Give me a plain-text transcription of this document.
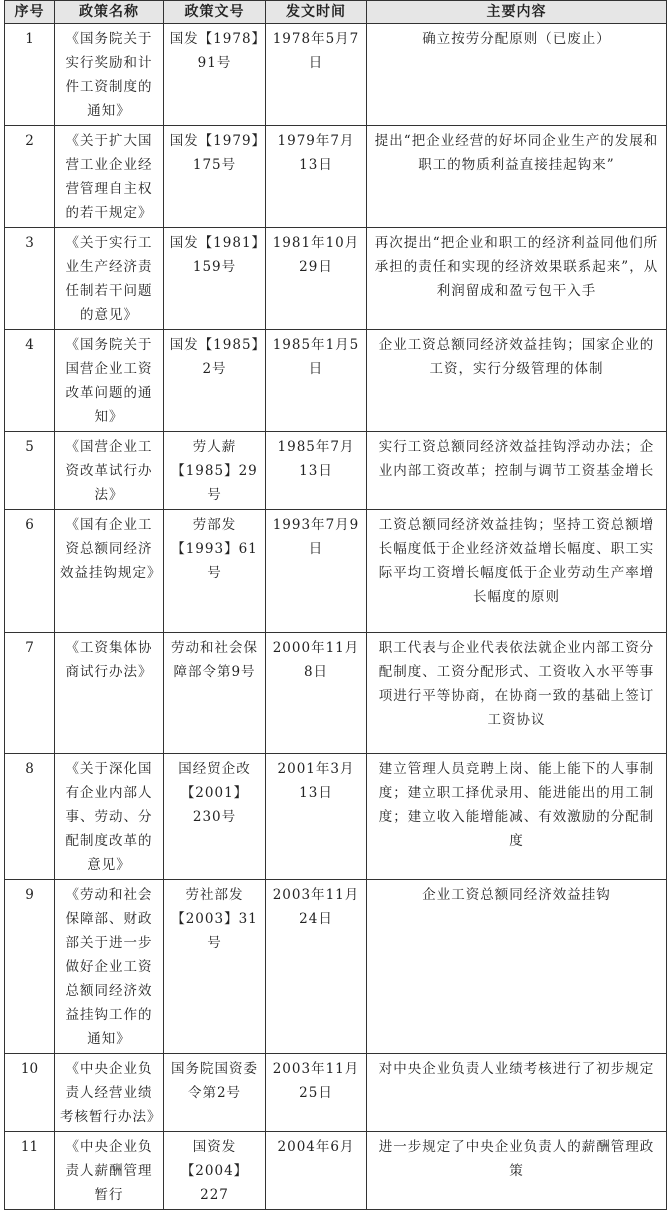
序号	政策名称	政策文号	发文时间	主要内容
1	《国务院关于实行奖励和计件工资制度的通知》	国发【1978】91号	1978年5月7日	确立按劳分配原则（已废止）
2	《关于扩大国营工业企业经营管理自主权的若干规定》	国发【1979】175号	1979年7月13日	提出“把企业经营的好坏同企业生产的发展和职工的物质利益直接挂起钩来”
3	《关于实行工业生产经济责任制若干问题的意见》	国发【1981】159号	1981年10月29日	再次提出“把企业和职工的经济利益同他们所承担的责任和实现的经济效果联系起来”，从利润留成和盈亏包干入手
4	《国务院关于国营企业工资改革问题的通知》	国发【1985】2号	1985年1月5日	企业工资总额同经济效益挂钩；国家企业的工资，实行分级管理的体制
5	《国营企业工资改革试行办法》	劳人薪【1985】29号	1985年7月13日	实行工资总额同经济效益挂钩浮动办法；企业内部工资改革；控制与调节工资基金增长
6	《国有企业工资总额同经济效益挂钩规定》	劳部发【1993】61号	1993年7月9日	工资总额同经济效益挂钩；坚持工资总额增长幅度低于企业经济效益增长幅度、职工实际平均工资增长幅度低于企业劳动生产率增长幅度的原则
7	《工资集体协商试行办法》	劳动和社会保障部令第9号	2000年11月8日	职工代表与企业代表依法就企业内部工资分配制度、工资分配形式、工资收入水平等事项进行平等协商，在协商一致的基础上签订工资协议
8	《关于深化国有企业内部人事、劳动、分配制度改革的意见》	国经贸企改【2001】230号	2001年3月13日	建立管理人员竞聘上岗、能上能下的人事制度；建立职工择优录用、能进能出的用工制度；建立收入能增能减、有效激励的分配制度
9	《劳动和社会保障部、财政部关于进一步做好企业工资总额同经济效益挂钩工作的通知》	劳社部发【2003】31号	2003年11月24日	企业工资总额同经济效益挂钩
10	《中央企业负责人经营业绩考核暂行办法》	国务院国资委令第2号	2003年11月25日	对中央企业负责人业绩考核进行了初步规定
11	《中央企业负责人薪酬管理暂行	国资发【2004】227	2004年6月	进一步规定了中央企业负责人的薪酬管理政策
